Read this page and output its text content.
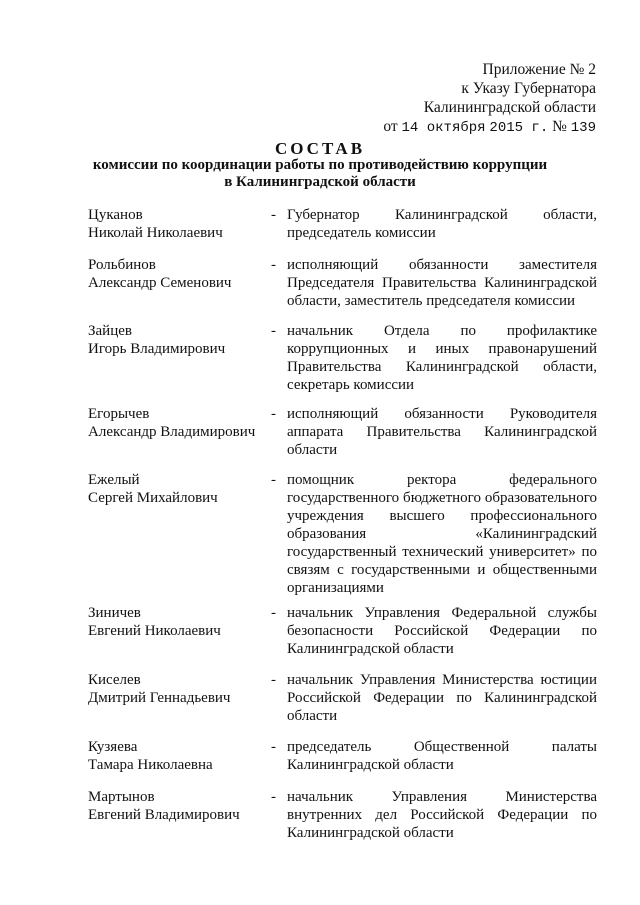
Приложение № 2
к Указу Губернатора
Калининградской области
от 14 октября 2015 г. № 139
СОСТАВ
комиссии по координации работы по противодействию коррупции
в Калининградской области
Цуканов
Николай Николаевич
- Губернатор Калининградской области, председатель комиссии
Рольбинов
Александр Семенович
- исполняющий обязанности заместителя Председателя Правительства Калининградской области, заместитель председателя комиссии
Зайцев
Игорь Владимирович
- начальник Отдела по профилактике коррупционных и иных правонарушений Правительства Калининградской области, секретарь комиссии
Егорычев
Александр Владимирович
- исполняющий обязанности Руководителя аппарата Правительства Калининградской области
Ежелый
Сергей Михайлович
- помощник ректора федерального государственного бюджетного образовательного учреждения высшего профессионального образования «Калининградский государственный технический университет» по связям с государственными и общественными организациями
Зиничев
Евгений Николаевич
- начальник Управления Федеральной службы безопасности Российской Федерации по Калининградской области
Киселев
Дмитрий Геннадьевич
- начальник Управления Министерства юстиции Российской Федерации по Калининградской области
Кузяева
Тамара Николаевна
- председатель Общественной палаты Калининградской области
Мартынов
Евгений Владимирович
- начальник Управления Министерства внутренних дел Российской Федерации по Калининградской области
